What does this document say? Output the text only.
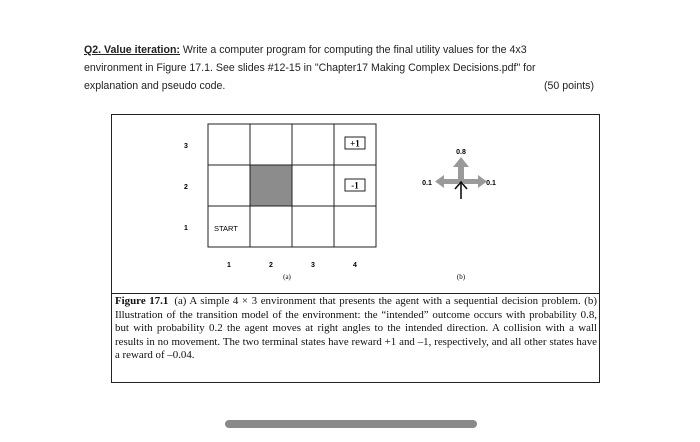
Q2. Value iteration: Write a computer program for computing the final utility values for the 4x3
environment in Figure 17.1. See slides #12-15 in "Chapter17 Making Complex Decisions.pdf" for
explanation and pseudo code.	(50 points)
+1
-1
START
3
2
1
1	2	3	4
(a)
0.8
0.1	0.1
(b)
Figure 17.1 (a) A simple 4 × 3 environment that presents the agent with a sequential decision problem. (b) Illustration of the transition model of the environment: the “intended” outcome occurs with probability 0.8, but with probability 0.2 the agent moves at right angles to the intended direction. A collision with a wall results in no movement. The two terminal states have reward +1 and –1, respectively, and all other states have a reward of –0.04.
